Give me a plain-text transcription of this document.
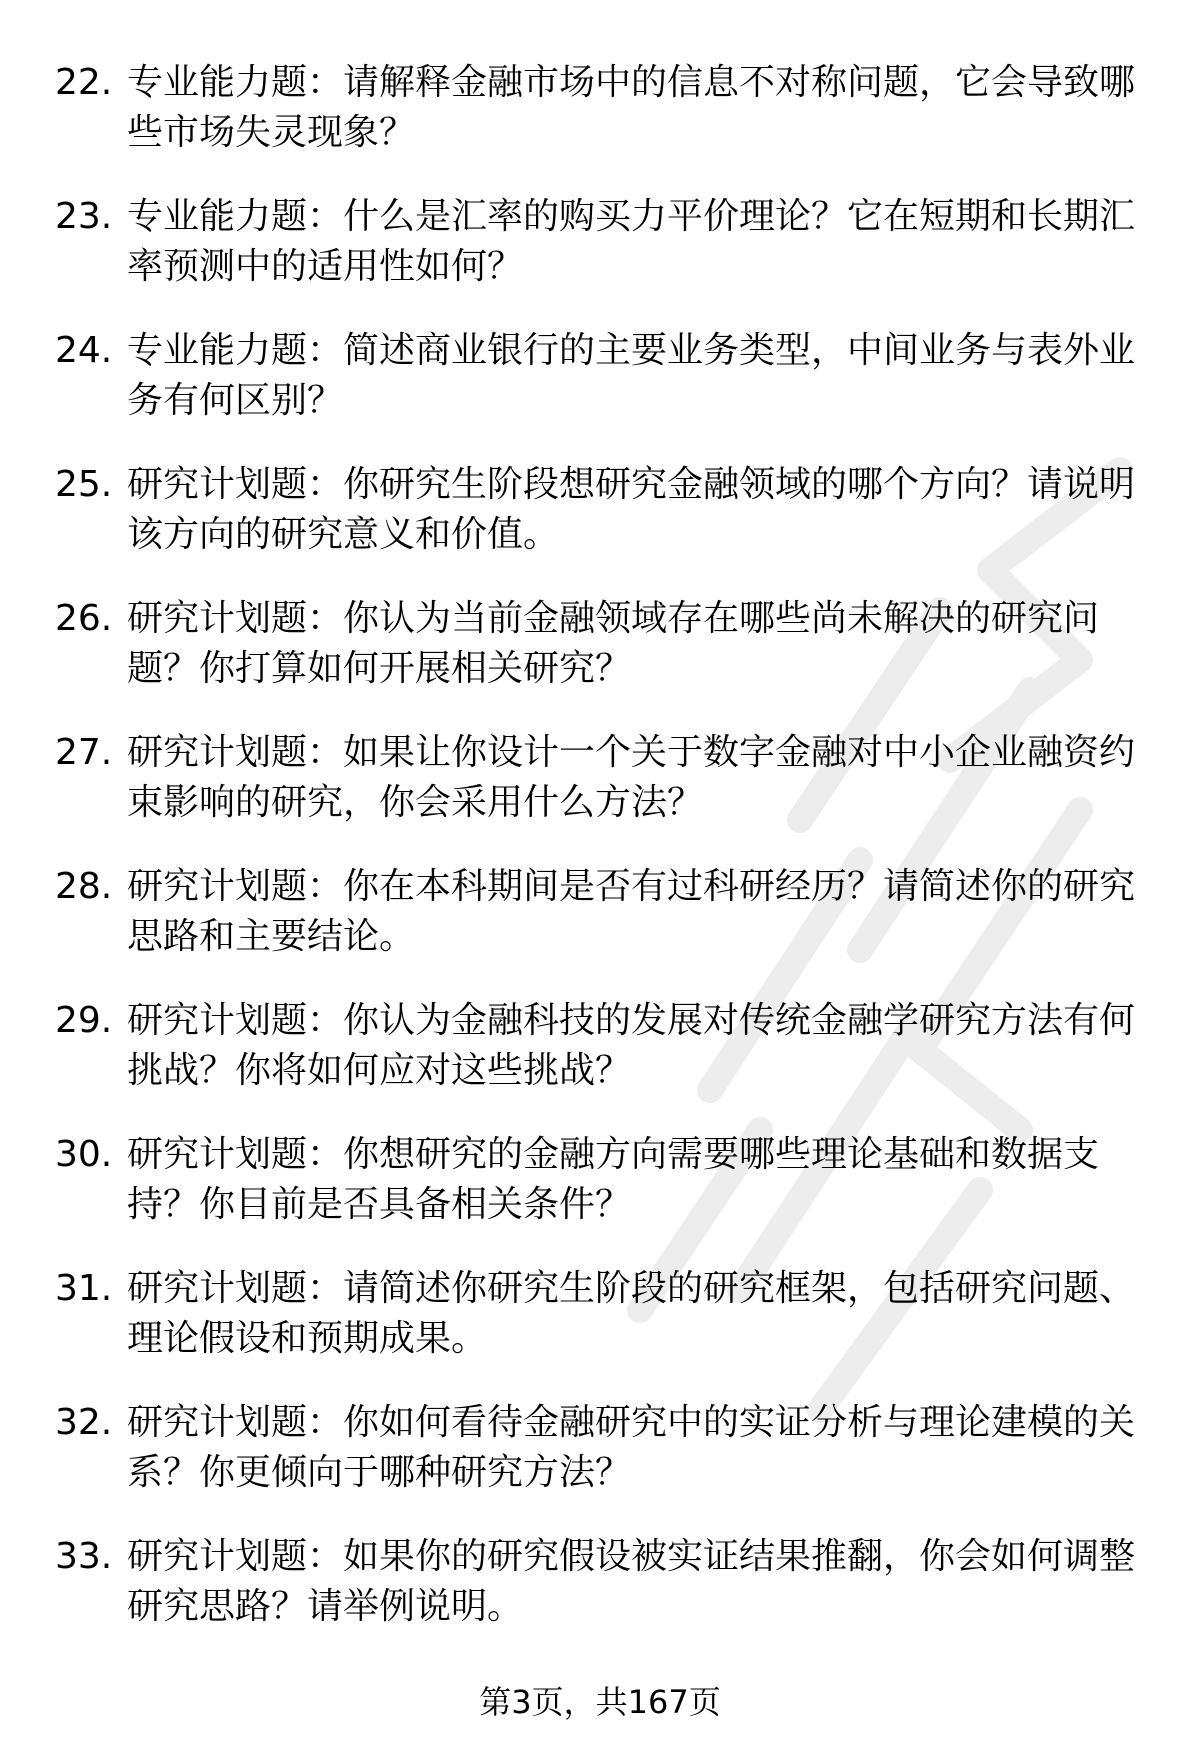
22. 专业能力题：请解释金融市场中的信息不对称问题，它会导致哪些市场失灵现象？
23. 专业能力题：什么是汇率的购买力平价理论？它在短期和长期汇率预测中的适用性如何？
24. 专业能力题：简述商业银行的主要业务类型，中间业务与表外业务有何区别？
25. 研究计划题：你研究生阶段想研究金融领域的哪个方向？请说明该方向的研究意义和价值。
26. 研究计划题：你认为当前金融领域存在哪些尚未解决的研究问题？你打算如何开展相关研究？
27. 研究计划题：如果让你设计一个关于数字金融对中小企业融资约束影响的研究，你会采用什么方法？
28. 研究计划题：你在本科期间是否有过科研经历？请简述你的研究思路和主要结论。
29. 研究计划题：你认为金融科技的发展对传统金融学研究方法有何挑战？你将如何应对这些挑战？
30. 研究计划题：你想研究的金融方向需要哪些理论基础和数据支持？你目前是否具备相关条件？
31. 研究计划题：请简述你研究生阶段的研究框架，包括研究问题、理论假设和预期成果。
32. 研究计划题：你如何看待金融研究中的实证分析与理论建模的关系？你更倾向于哪种研究方法？
33. 研究计划题：如果你的研究假设被实证结果推翻，你会如何调整研究思路？请举例说明。
第3页，共167页
